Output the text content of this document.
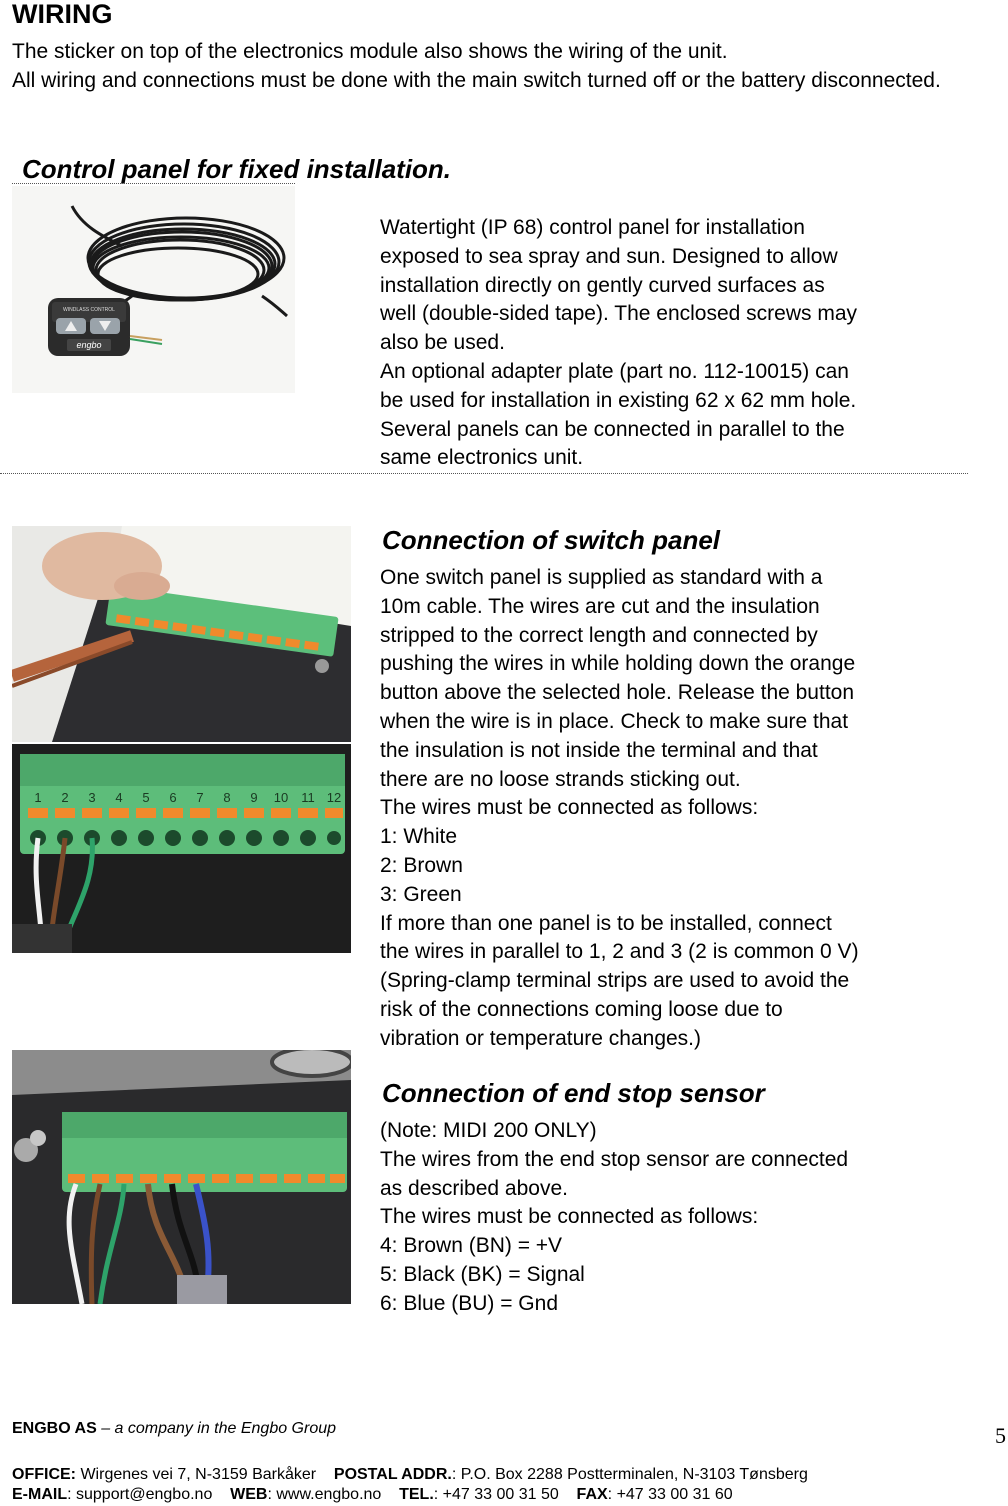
WIRING
The sticker on top of the electronics module also shows the wiring of the unit.
All wiring and connections must be done with the main switch turned off or the battery disconnected.
Control panel for fixed installation.
WINDLASS CONTROL
engbo
Watertight (IP 68) control panel for installation
exposed to sea spray and sun. Designed to allow
installation directly on gently curved surfaces as
well (double-sided tape). The enclosed screws may
also be used.
An optional adapter plate (part no. 112-10015) can
be used for installation in existing 62 x 62 mm hole.
Several panels can be connected in parallel to the
same electronics unit.
1 2 3 4 5 6 7 8 9 10 11 12
Connection of switch panel
One switch panel is supplied as standard with a
10m cable. The wires are cut and the insulation
stripped to the correct length and connected by
pushing the wires in while holding down the orange
button above the selected hole. Release the button
when the wire is in place. Check to make sure that
the insulation is not inside the terminal and that
there are no loose strands sticking out.
The wires must be connected as follows:
1: White
2: Brown
3: Green
If more than one panel is to be installed, connect
the wires in parallel to 1, 2 and 3 (2 is common 0 V)
(Spring-clamp terminal strips are used to avoid the
risk of the connections coming loose due to
vibration or temperature changes.)
Connection of end stop sensor
(Note: MIDI 200 ONLY)
The wires from the end stop sensor are connected
as described above.
The wires must be connected as follows:
4: Brown (BN) = +V
5: Black (BK) = Signal
6: Blue (BU) = Gnd
ENGBO AS – a company in the Engbo Group
OFFICE: Wirgenes vei 7, N-3159 Barkåker POSTAL ADDR.: P.O. Box 2288 Postterminalen, N-3103 Tønsberg
E-MAIL: support@engbo.no WEB: www.engbo.no TEL.: +47 33 00 31 50 FAX: +47 33 00 31 60
5
